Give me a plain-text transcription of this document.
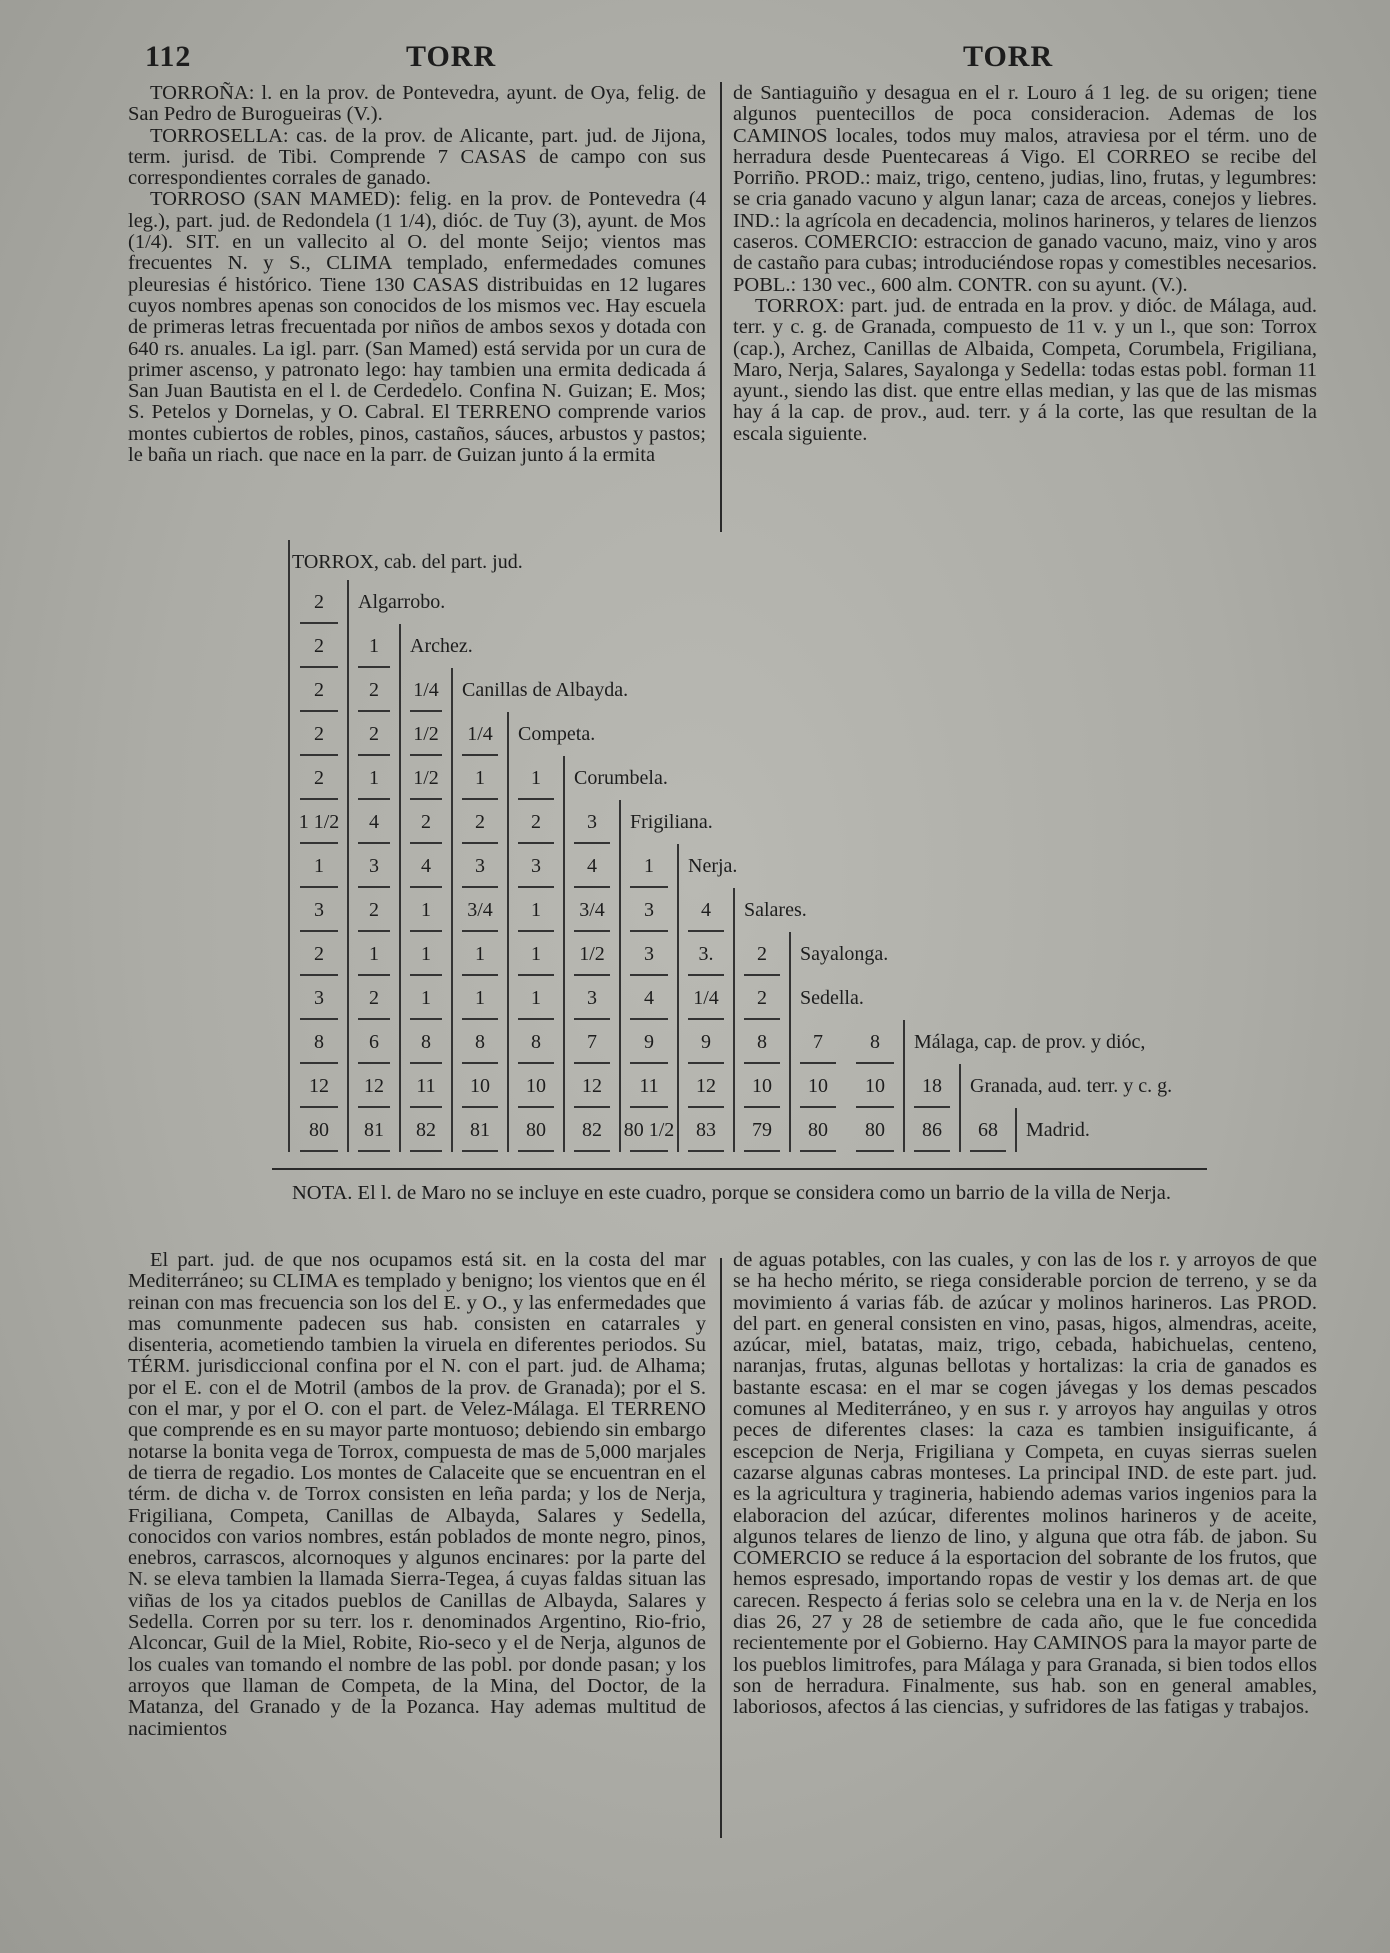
112	TORR	TORR

TORROÑA: l. en la prov. de Pontevedra, ayunt. de Oya, felig. de San Pedro de Burogueiras (V.).

TORROSELLA: cas. de la prov. de Alicante, part. jud. de Jijona, term. jurisd. de Tibi. Comprende 7 CASAS de campo con sus correspondientes corrales de ganado.

TORROSO (SAN MAMED): felig. en la prov. de Pontevedra (4 leg.), part. jud. de Redondela (1 1/4), dióc. de Tuy (3), ayunt. de Mos (1/4). SIT. en un vallecito al O. del monte Seijo; vientos mas frecuentes N. y S., CLIMA templado, enfermedades comunes pleuresias é histórico. Tiene 130 CASAS distribuidas en 12 lugares cuyos nombres apenas son conocidos de los mismos vec. Hay escuela de primeras letras frecuentada por niños de ambos sexos y dotada con 640 rs. anuales. La igl. parr. (San Mamed) está servida por un cura de primer ascenso, y patronato lego: hay tambien una ermita dedicada á San Juan Bautista en el l. de Cerdedelo. Confina N. Guizan; E. Mos; S. Petelos y Dornelas, y O. Cabral. El TERRENO comprende varios montes cubiertos de robles, pinos, castaños, sáuces, arbustos y pastos; le baña un riach. que nace en la parr. de Guizan junto á la ermita

de Santiaguiño y desagua en el r. Louro á 1 leg. de su origen; tiene algunos puentecillos de poca consideracion. Ademas de los CAMINOS locales, todos muy malos, atraviesa por el térm. uno de herradura desde Puentecareas á Vigo. El CORREO se recibe del Porriño. PROD.: maiz, trigo, centeno, judias, lino, frutas, y legumbres: se cria ganado vacuno y algun lanar; caza de arceas, conejos y liebres. IND.: la agrícola en decadencia, molinos harineros, y telares de lienzos caseros. COMERCIO: estraccion de ganado vacuno, maiz, vino y aros de castaño para cubas; introduciéndose ropas y comestibles necesarios. POBL.: 130 vec., 600 alm. CONTR. con su ayunt. (V.).

TORROX: part. jud. de entrada en la prov. y dióc. de Málaga, aud. terr. y c. g. de Granada, compuesto de 11 v. y un l., que son: Torrox (cap.), Archez, Canillas de Albaida, Competa, Corumbela, Frigiliana, Maro, Nerja, Salares, Sayalonga y Sedella: todas estas pobl. forman 11 ayunt., siendo las dist. que entre ellas median, y las que de las mismas hay á la cap. de prov., aud. terr. y á la corte, las que resultan de la escala siguiente.

TORROX, cab. del part. jud.
2	Algarrobo.
2	1	Archez.
2	2	1/4	Canillas de Albayda.
2	2	1/2	1/4	Competa.
2	1	1/2	1	1	Corumbela.
1 1/2	4	2	2	2	3	Frigiliana.
1	3	4	3	3	4	1	Nerja.
3	2	1	3/4	1	3/4	3	4	Salares.
2	1	1	1	1	1/2	3	3.	2	Sayalonga.
3	2	1	1	1	3	4	1/4	2	Sedella.
8	6	8	8	8	7	9	9	8	7	8	Málaga, cap. de prov. y dióc,
12	12	11	10	10	12	11	12	10	10	10	18	Granada, aud. terr. y c. g.
80	81	82	81	80	82	80 1/2	83	79	80	80	86	68	Madrid.
NOTA. El l. de Maro no se incluye en este cuadro, porque se considera como un barrio de la villa de Nerja.

El part. jud. de que nos ocupamos está sit. en la costa del mar Mediterráneo; su CLIMA es templado y benigno; los vientos que en él reinan con mas frecuencia son los del E. y O., y las enfermedades que mas comunmente padecen sus hab. consisten en catarrales y disenteria, acometiendo tambien la viruela en diferentes periodos. Su TÉRM. jurisdiccional confina por el N. con el part. jud. de Alhama; por el E. con el de Motril (ambos de la prov. de Granada); por el S. con el mar, y por el O. con el part. de Velez-Málaga. El TERRENO que comprende es en su mayor parte montuoso; debiendo sin embargo notarse la bonita vega de Torrox, compuesta de mas de 5,000 marjales de tierra de regadio. Los montes de Calaceite que se encuentran en el térm. de dicha v. de Torrox consisten en leña parda; y los de Nerja, Frigiliana, Competa, Canillas de Albayda, Salares y Sedella, conocidos con varios nombres, están poblados de monte negro, pinos, enebros, carrascos, alcornoques y algunos encinares: por la parte del N. se eleva tambien la llamada Sierra-Tegea, á cuyas faldas situan las viñas de los ya citados pueblos de Canillas de Albayda, Salares y Sedella. Corren por su terr. los r. denominados Argentino, Rio-frio, Alconcar, Guil de la Miel, Robite, Rio-seco y el de Nerja, algunos de los cuales van tomando el nombre de las pobl. por donde pasan; y los arroyos que llaman de Competa, de la Mina, del Doctor, de la Matanza, del Granado y de la Pozanca. Hay ademas multitud de nacimientos

de aguas potables, con las cuales, y con las de los r. y arroyos de que se ha hecho mérito, se riega considerable porcion de terreno, y se da movimiento á varias fáb. de azúcar y molinos harineros. Las PROD. del part. en general consisten en vino, pasas, higos, almendras, aceite, azúcar, miel, batatas, maiz, trigo, cebada, habichuelas, centeno, naranjas, frutas, algunas bellotas y hortalizas: la cria de ganados es bastante escasa: en el mar se cogen jávegas y los demas pescados comunes al Mediterráneo, y en sus r. y arroyos hay anguilas y otros peces de diferentes clases: la caza es tambien insiguificante, á escepcion de Nerja, Frigiliana y Competa, en cuyas sierras suelen cazarse algunas cabras monteses. La principal IND. de este part. jud. es la agricultura y tragineria, habiendo ademas varios ingenios para la elaboracion del azúcar, diferentes molinos harineros y de aceite, algunos telares de lienzo de lino, y alguna que otra fáb. de jabon. Su COMERCIO se reduce á la esportacion del sobrante de los frutos, que hemos espresado, importando ropas de vestir y los demas art. de que carecen. Respecto á ferias solo se celebra una en la v. de Nerja en los dias 26, 27 y 28 de setiembre de cada año, que le fue concedida recientemente por el Gobierno. Hay CAMINOS para la mayor parte de los pueblos limitrofes, para Málaga y para Granada, si bien todos ellos son de herradura. Finalmente, sus hab. son en general amables, laboriosos, afectos á las ciencias, y sufridores de las fatigas y trabajos.
